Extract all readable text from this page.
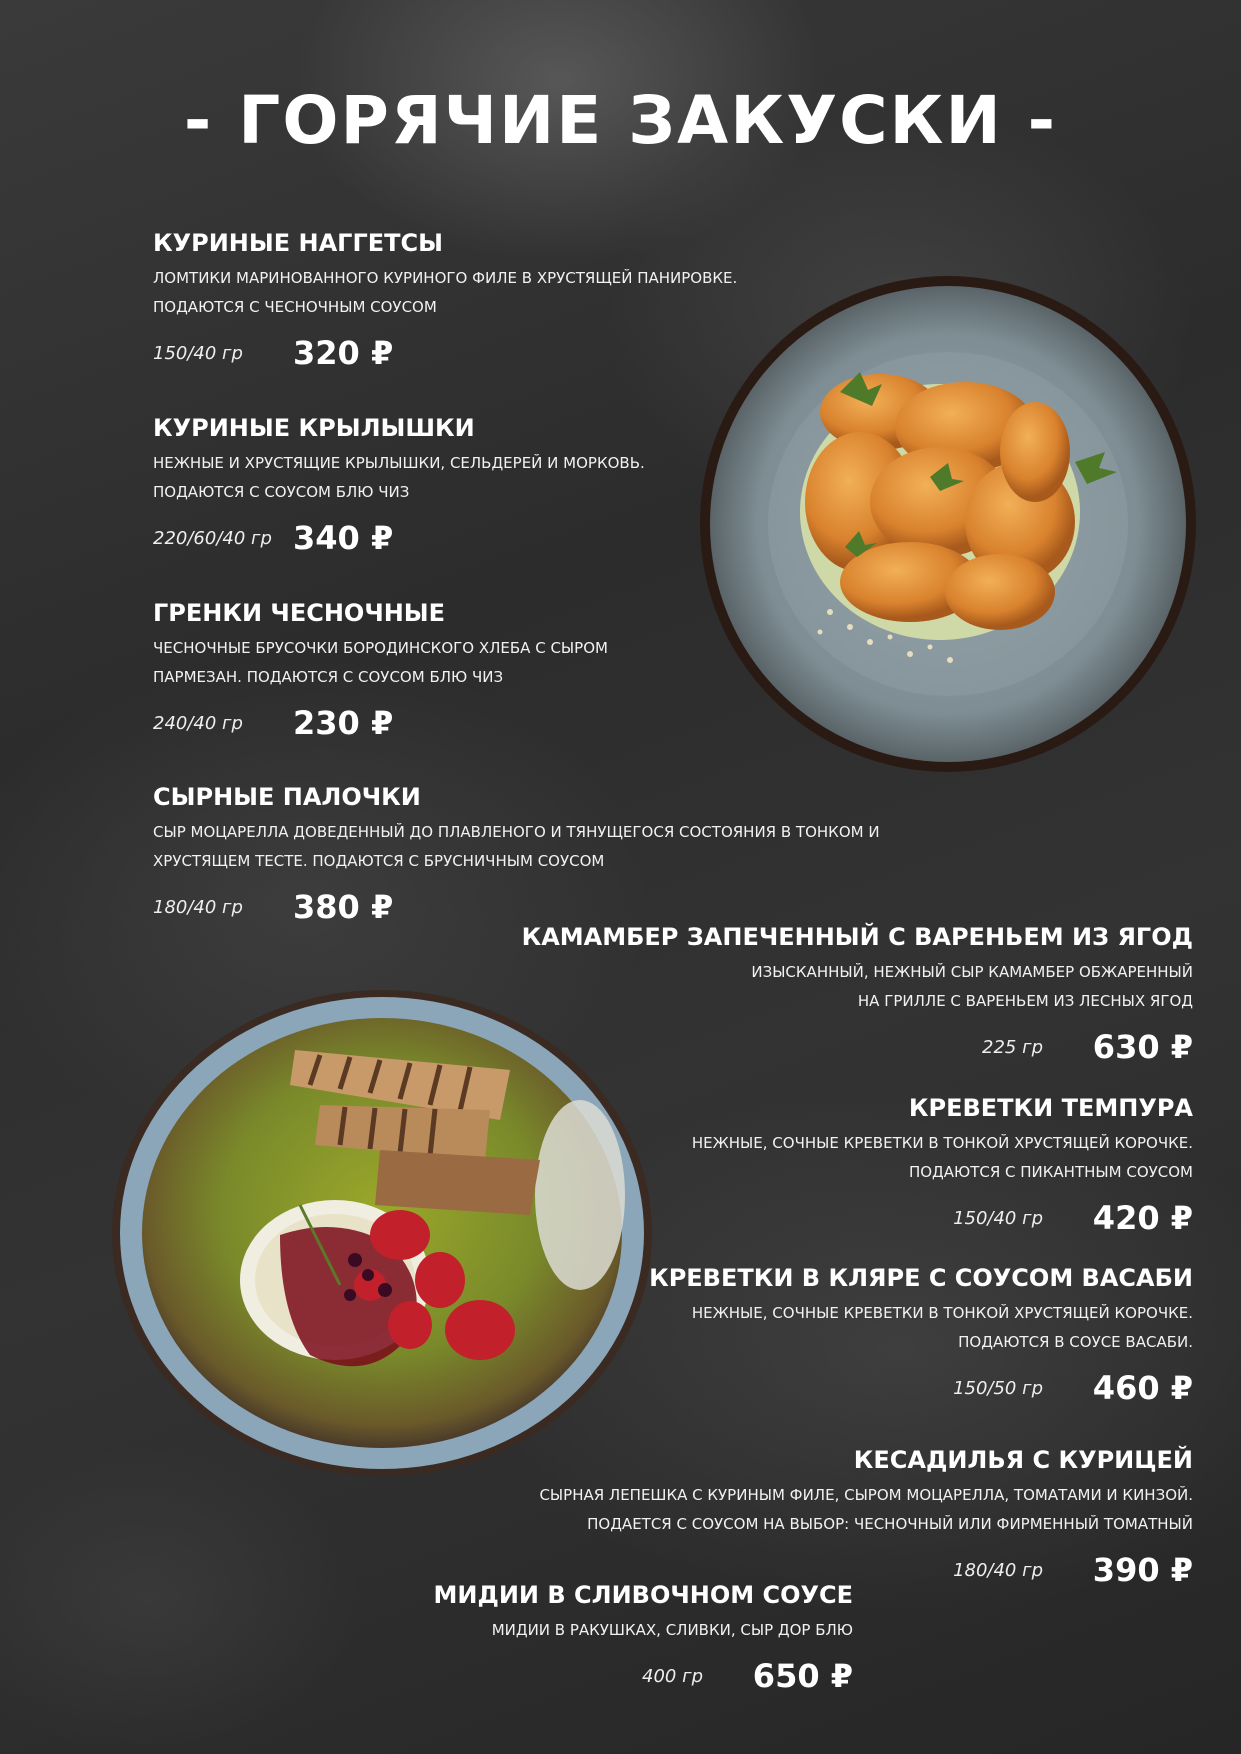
- ГОРЯЧИЕ ЗАКУСКИ -
КУРИНЫЕ НАГГЕТСЫ
ЛОМТИКИ МАРИНОВАННОГО КУРИНОГО ФИЛЕ В ХРУСТЯЩЕЙ ПАНИРОВКЕ.
ПОДАЮТСЯ С ЧЕСНОЧНЫМ СОУСОМ
150/40 гр 320 ₽
КУРИНЫЕ КРЫЛЫШКИ
НЕЖНЫЕ И ХРУСТЯЩИЕ КРЫЛЫШКИ, СЕЛЬДЕРЕЙ И МОРКОВЬ.
ПОДАЮТСЯ С СОУСОМ БЛЮ ЧИЗ
220/60/40 гр 340 ₽
ГРЕНКИ ЧЕСНОЧНЫЕ
ЧЕСНОЧНЫЕ БРУСОЧКИ БОРОДИНСКОГО ХЛЕБА С СЫРОМ
ПАРМЕЗАН. ПОДАЮТСЯ С СОУСОМ БЛЮ ЧИЗ
240/40 гр 230 ₽
СЫРНЫЕ ПАЛОЧКИ
СЫР МОЦАРЕЛЛА ДОВЕДЕННЫЙ ДО ПЛАВЛЕНОГО И ТЯНУЩЕГОСЯ СОСТОЯНИЯ В ТОНКОМ И
ХРУСТЯЩЕМ ТЕСТЕ. ПОДАЮТСЯ С БРУСНИЧНЫМ СОУСОМ
180/40 гр 380 ₽
КАМАМБЕР ЗАПЕЧЕННЫЙ С ВАРЕНЬЕМ ИЗ ЯГОД
ИЗЫСКАННЫЙ, НЕЖНЫЙ СЫР КАМАМБЕР ОБЖАРЕННЫЙ
НА ГРИЛЛЕ С ВАРЕНЬЕМ ИЗ ЛЕСНЫХ ЯГОД
225 гр 630 ₽
КРЕВЕТКИ ТЕМПУРА
НЕЖНЫЕ, СОЧНЫЕ КРЕВЕТКИ В ТОНКОЙ ХРУСТЯЩЕЙ КОРОЧКЕ.
ПОДАЮТСЯ С ПИКАНТНЫМ СОУСОМ
150/40 гр 420 ₽
КРЕВЕТКИ В КЛЯРЕ С СОУСОМ ВАСАБИ
НЕЖНЫЕ, СОЧНЫЕ КРЕВЕТКИ В ТОНКОЙ ХРУСТЯЩЕЙ КОРОЧКЕ.
ПОДАЮТСЯ В СОУСЕ ВАСАБИ.
150/50 гр 460 ₽
КЕСАДИЛЬЯ С КУРИЦЕЙ
СЫРНАЯ ЛЕПЕШКА С КУРИНЫМ ФИЛЕ, СЫРОМ МОЦАРЕЛЛА, ТОМАТАМИ И КИНЗОЙ.
ПОДАЕТСЯ С СОУСОМ НА ВЫБОР: ЧЕСНОЧНЫЙ ИЛИ ФИРМЕННЫЙ ТОМАТНЫЙ
180/40 гр 390 ₽
МИДИИ В СЛИВОЧНОМ СОУСЕ
МИДИИ В РАКУШКАХ, СЛИВКИ, СЫР ДОР БЛЮ
400 гр 650 ₽
